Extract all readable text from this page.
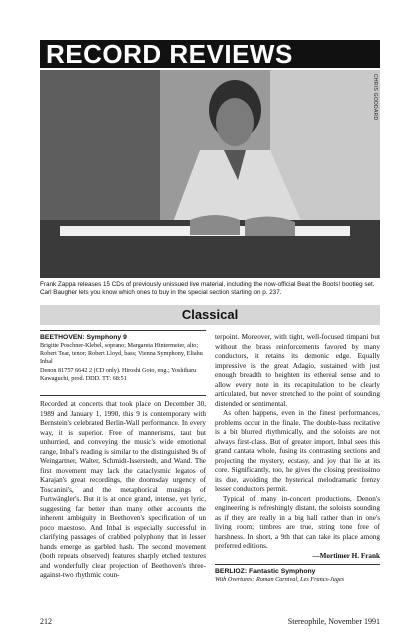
RECORD REVIEWS
CHRIS GODDARD
Frank Zappa releases 15 CDs of previously unissued live material, including the now-official Beat the Boots! bootleg set. Carl Baugher lets you know which ones to buy in the special section starting on p. 237.
Classical
BEETHOVEN: Symphony 9
Brigitte Poschner-Klebel, soprano; Margareta Hintermeier, alto; Robert Tear, tenor; Robert Lloyd, bass; Vienna Symphony, Eliahu Inbal
Denon 81757 6642 2 (CD only). Hiroshi Goto, eng.; Yoshiharu Kawaguchi, prod. DDD. TT: 68:51

Recorded at concerts that took place on December 30, 1989 and January 1, 1990, this 9 is contemporary with Bernstein's celebrated Berlin-Wall performance. In every way, it is superior. Free of mannerisms, taut but unhurried, and conveying the music's wide emotional range, Inbal's reading is similar to the distinguished 9s of Weingartner, Walter, Schmidt-Isserstedt, and Wand. The first movement may lack the cataclysmic legatos of Karajan's great recordings, the doomsday urgency of Toscanini's, and the metaphorical musings of Furtwängler's. But it is at once grand, intense, yet lyric, suggesting far better than many other accounts the inherent ambiguity in Beethoven's specification of un poco maestoso. And Inbal is especially successful in clarifying passages of crabbed polyphony that in lesser hands emerge as garbled hash. The second movement (both repeats observed) features sharply etched textures and wonderfully clear projection of Beethoven's three-against-two rhythmic coun-

terpoint. Moreover, with tight, well-focused timpani but without the brass reinforcements favored by many conductors, it retains its demonic edge. Equally impressive is the great Adagio, sustained with just enough breadth to heighten its ethereal sense and to allow every note in its recapitulation to be clearly articulated, but never stretched to the point of sounding distended or sentimental.

As often happens, even in the finest performances, problems occur in the finale. The double-bass recitative is a bit blurred rhythmically, and the soloists are not always first-class. But of greater import, Inbal sees this grand cantata whole, fusing its contrasting sections and projecting the mystery, ecstasy, and joy that lie at its core. Significantly, too, he gives the closing prestissimo its due, avoiding the hysterical melodramatic frenzy lesser conductors permit.

Typical of many in-concert productions, Denon's engineering is refreshingly distant, the soloists sounding as if they are really in a big hall rather than in one's living room; timbres are true, string tone free of harshness. In short, a 9th that can take its place among preferred editions.

—Mortimer H. Frank
BERLIOZ: Fantastic Symphony
With Overtures: Roman Carnival, Les Francs-Juges
212	Stereophile, November 1991
